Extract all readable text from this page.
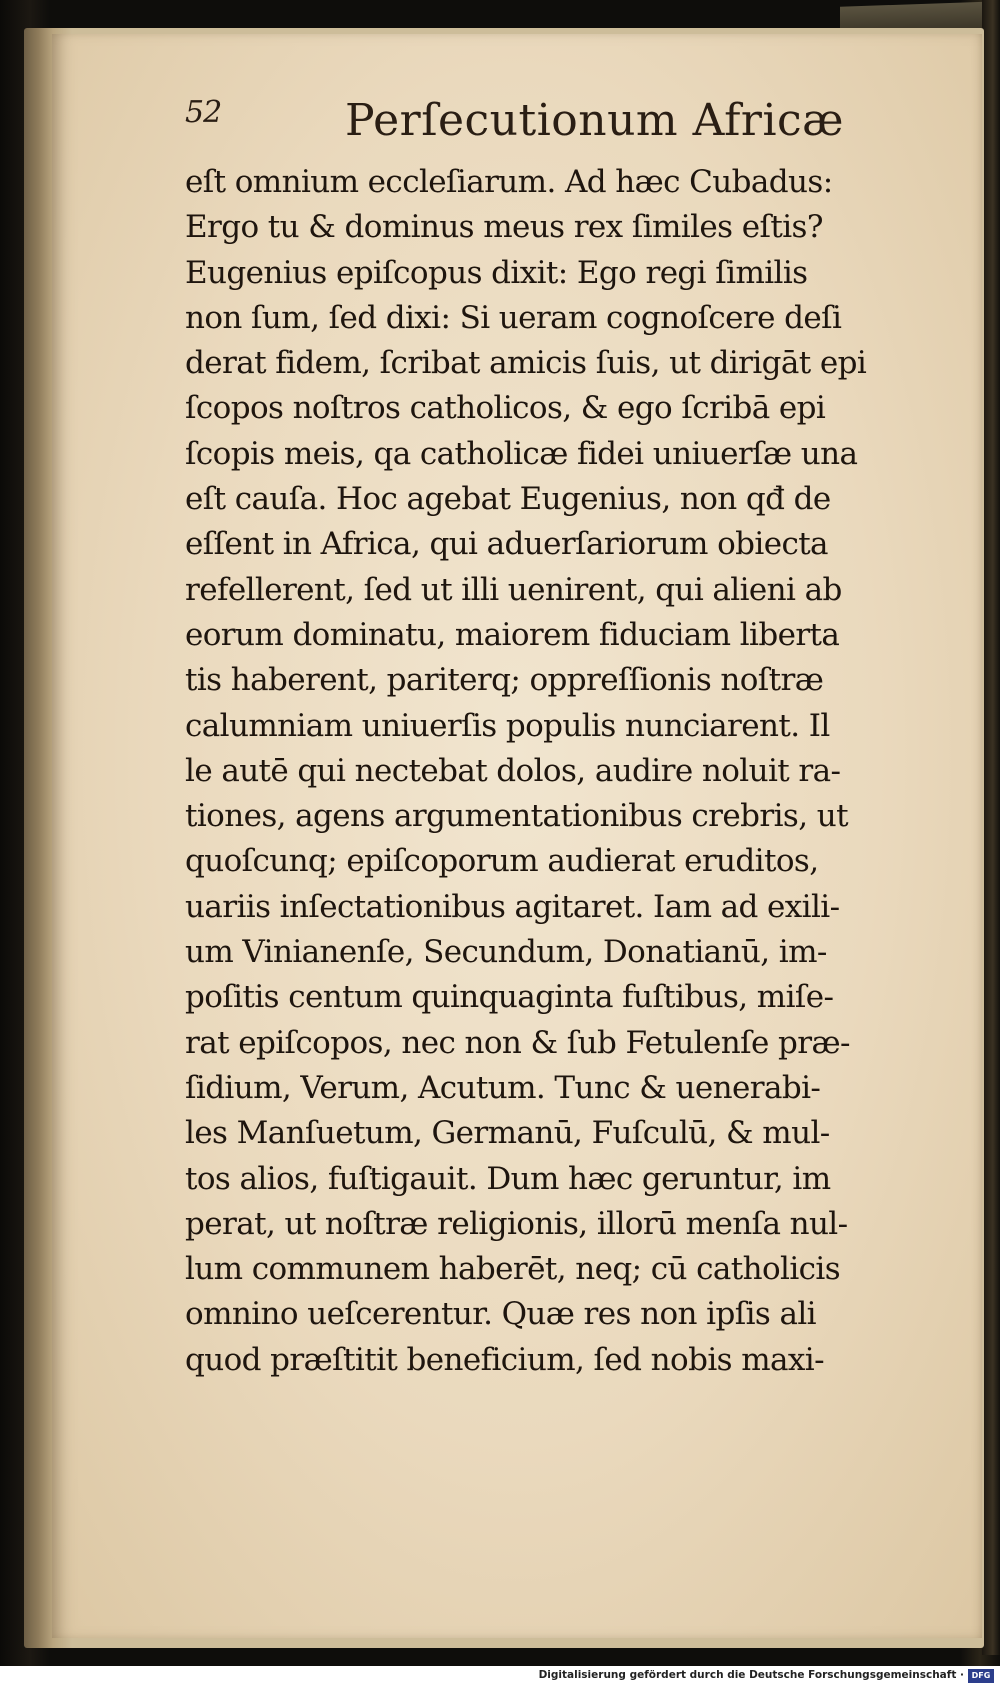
52	Perſecutionum Africæ
eſt omnium eccleſiarum. Ad hæc Cubadus:
Ergo tu & dominus meus rex ſimiles eſtis?
Eugenius epiſcopus dixit: Ego regi ſimilis
non ſum, ſed dixi: Si ueram cognoſcere deſi
derat fidem, ſcribat amicis ſuis, ut dirigāt epi
ſcopos noſtros catholicos, & ego ſcribā epi
ſcopis meis, qa catholicæ fidei uniuerſæ una
eſt cauſa. Hoc agebat Eugenius, non qđ de
eſſent in Africa, qui aduerſariorum obiecta
refellerent, ſed ut illi uenirent, qui alieni ab
eorum dominatu, maiorem fiduciam liberta
tis haberent, pariterq; oppreſſionis noſtræ
calumniam uniuerſis populis nunciarent. Il
le autē qui nectebat dolos, audire noluit ra-
tiones, agens argumentationibus crebris, ut
quoſcunq; epiſcoporum audierat eruditos,
uariis inſectationibus agitaret. Iam ad exili-
um Vinianenſe, Secundum, Donatianū, im-
poſitis centum quinquaginta fuſtibus, miſe-
rat epiſcopos, nec non & ſub Fetulenſe præ-
ſidium, Verum, Acutum. Tunc & uenerabi-
les Manſuetum, Germanū, Fuſculū, & mul-
tos alios, fuſtigauit. Dum hæc geruntur, im
perat, ut noſtræ religionis, illorū menſa nul-
lum communem haberēt, neq; cū catholicis
omnino ueſcerentur. Quæ res non ipſis ali
quod præſtitit beneficium, ſed nobis maxi-
Digitalisierung gefördert durch die Deutsche Forschungsgemeinschaft · DFG
